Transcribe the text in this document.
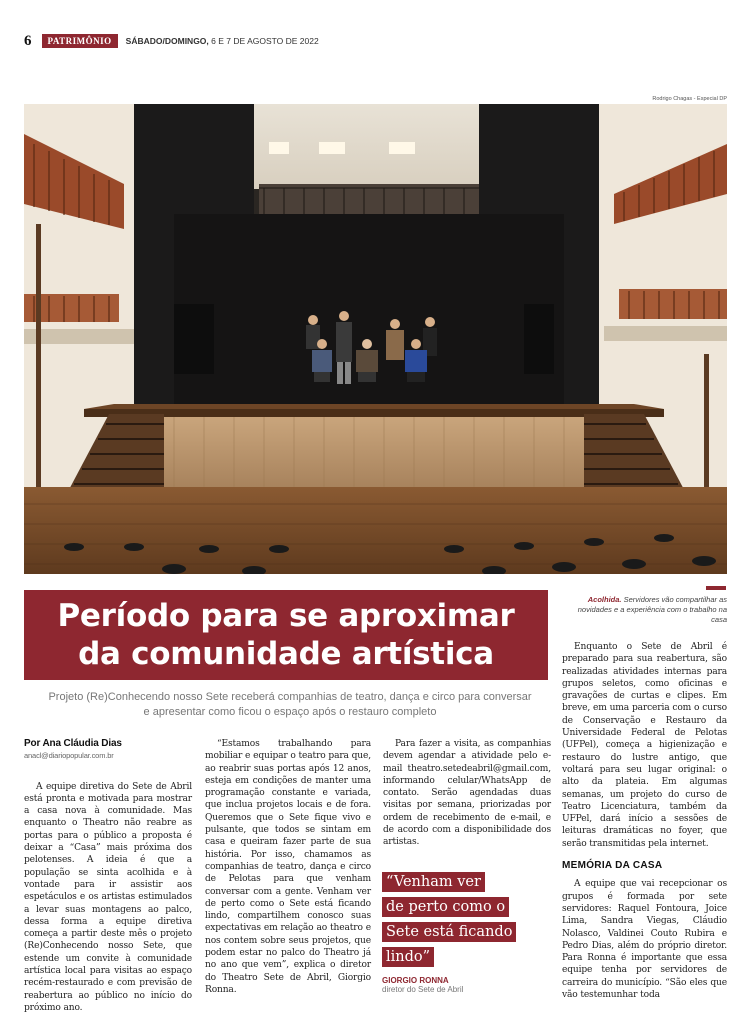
6	PATRIMÔNIO	SÁBADO/DOMINGO, 6 E 7 DE AGOSTO DE 2022
Rodrigo Chagas - Especial DP
Acolhida. Servidores vão compartilhar as novidades e a experiência com o trabalho na casa
Período para se aproximar
da comunidade artística
Projeto (Re)Conhecendo nosso Sete receberá companhias de teatro, dança e circo para conversar
e apresentar como ficou o espaço após o restauro completo
Por Ana Cláudia Dias
anacl@diariopopular.com.br

A equipe diretiva do Sete de Abril está pronta e motivada para mostrar a casa nova à comunidade. Mas enquanto o Theatro não reabre as portas para o público a proposta é deixar a “Casa” mais próxima dos pelotenses. A ideia é que a população se sinta acolhida e à vontade para ir assistir aos espetáculos e os artistas estimulados a levar suas montagens ao palco, dessa forma a equipe diretiva começa a partir deste mês o projeto (Re)Conhecendo nosso Sete, que estende um convite à comunidade artística local para visitas ao espaço recém-restaurado e com previsão de reabertura ao público no início do próximo ano.

“Estamos trabalhando para mobiliar e equipar o teatro para que, ao reabrir suas portas após 12 anos, esteja em condições de manter uma programação constante e variada, que inclua projetos locais e de fora. Queremos que o Sete fique vivo e pulsante, que todos se sintam em casa e queiram fazer parte de sua história. Por isso, chamamos as companhias de teatro, dança e circo de Pelotas para que venham conversar com a gente. Venham ver de perto como o Sete está ficando lindo, compartilhem conosco suas expectativas em relação ao theatro e nos contem sobre seus projetos, que podem estar no palco do Theatro já no ano que vem”, explica o diretor do Theatro Sete de Abril, Giorgio Ronna.

Para fazer a visita, as companhias devem agendar a atividade pelo e-mail theatro.setedeabril@gmail.com, informando celular/WhatsApp de contato. Serão agendadas duas visitas por semana, priorizadas por ordem de recebimento de e-mail, e de acordo com a disponibilidade dos artistas.

“Venham ver
de perto como o
Sete está ficando
lindo”
GIORGIO RONNA
diretor do Sete de Abril

Enquanto o Sete de Abril é preparado para sua reabertura, são realizadas atividades internas para grupos seletos, como oficinas e gravações de curtas e clipes. Em breve, em uma parceria com o curso de Conservação e Restauro da Universidade Federal de Pelotas (UFPel), começa a higienização e restauro do lustre antigo, que voltará para seu lugar original: o alto da plateia. Em algumas semanas, um projeto do curso de Teatro Licenciatura, também da UFPel, dará início a sessões de leituras dramáticas no foyer, que serão transmitidas pela internet.

MEMÓRIA DA CASA

A equipe que vai recepcionar os grupos é formada por sete servidores: Raquel Fontoura, Joice Lima, Sandra Viegas, Cláudio Nolasco, Valdinei Couto Rubira e Pedro Dias, além do próprio diretor. Para Ronna é importante que essa equipe tenha por servidores de carreira do município. “São eles que vão testemunhar toda
